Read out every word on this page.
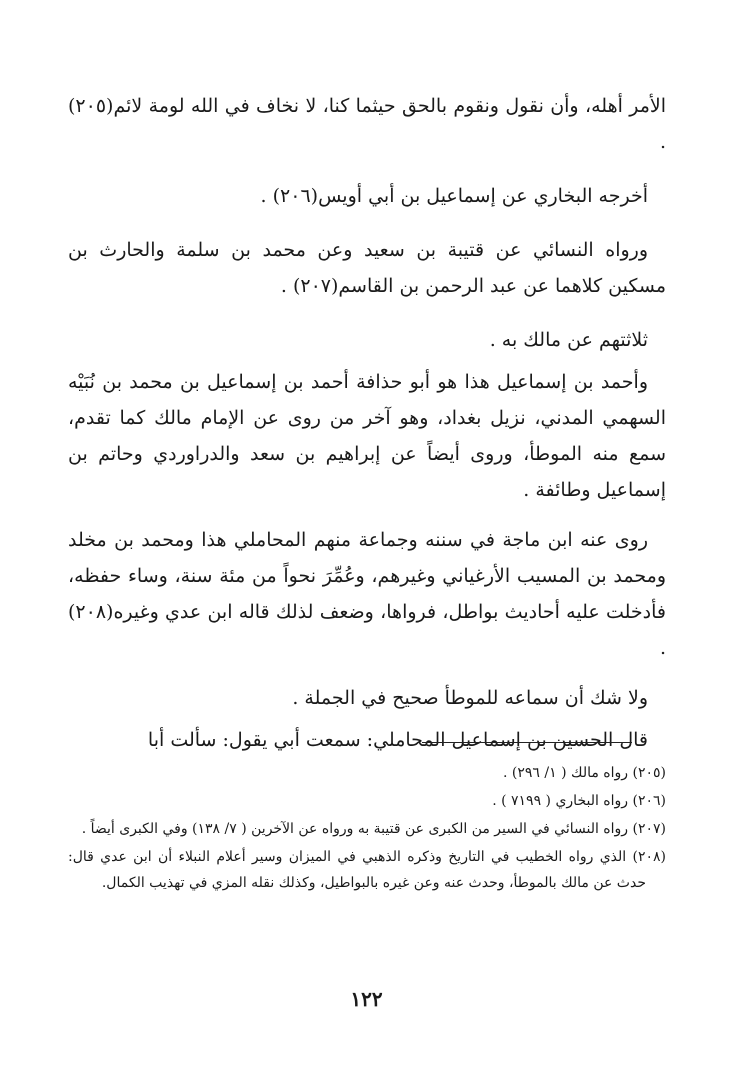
الأمر أهله، وأن نقول ونقوم بالحق حيثما كنا، لا نخاف في الله لومة لائم(٢٠٥) .

أخرجه البخاري عن إسماعيل بن أبي أويس(٢٠٦) .

ورواه النسائي عن قتيبة بن سعيد وعن محمد بن سلمة والحارث بن مسكين كلاهما عن عبد الرحمن بن القاسم(٢٠٧) .

ثلاثتهم عن مالك به .

وأحمد بن إسماعيل هذا هو أبو حذافة أحمد بن إسماعيل بن محمد بن نُبَيْه السهمي المدني، نزيل بغداد، وهو آخر من روى عن الإمام مالك كما تقدم، سمع منه الموطأ، وروى أيضاً عن إبراهيم بن سعد والدراوردي وحاتم بن إسماعيل وطائفة .

روى عنه ابن ماجة في سننه وجماعة منهم المحاملي هذا ومحمد بن مخلد ومحمد بن المسيب الأرغياني وغيرهم، وعُمِّرَ نحواً من مئة سنة، وساء حفظه، فأدخلت عليه أحاديث بواطل، فرواها، وضعف لذلك قاله ابن عدي وغيره(٢٠٨) .

ولا شك أن سماعه للموطأ صحيح في الجملة .

قال الحسين بن إسماعيل المحاملي: سمعت أبي يقول: سألت أبا

(٢٠٥) رواه مالك ( ١/ ٢٩٦) .

(٢٠٦) رواه البخاري ( ٧١٩٩ ) .

(٢٠٧) رواه النسائي في السير من الكبرى عن قتيبة به ورواه عن الآخرين ( ٧/ ١٣٨) وفي الكبرى أيضاً .

(٢٠٨) الذي رواه الخطيب في التاريخ وذكره الذهبي في الميزان وسير أعلام النبلاء أن ابن عدي قال: حدث عن مالك بالموطأ، وحدث عنه وعن غيره بالبواطيل، وكذلك نقله المزي في تهذيب الكمال.

١٢٢
